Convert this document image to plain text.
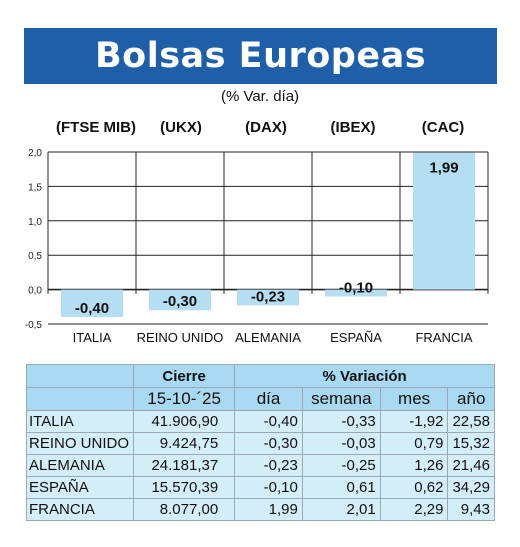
Bolsas Europeas
(% Var. día)
(FTSE MIB)	(UKX)	(DAX)	(IBEX)	(CAC)
2,0
1,5
1,0
0,5
0,0
-0,5
-0,40	-0,30	-0,23
-0,10
1,99
ITALIA REINO UNIDO ALEMANIA ESPAÑA	FRANCIA
	Cierre	% Variación			
	15-10-´25	día	semana	mes	año
ITALIA	41.906,90	-0,40	-0,33	-1,92	22,58
REINO UNIDO	9.424,75	-0,30	-0,03	0,79	15,32
ALEMANIA	24.181,37	-0,23	-0,25	1,26	21,46
ESPAÑA	15.570,39	-0,10	0,61	0,62	34,29
FRANCIA	8.077,00	1,99	2,01	2,29	9,43
